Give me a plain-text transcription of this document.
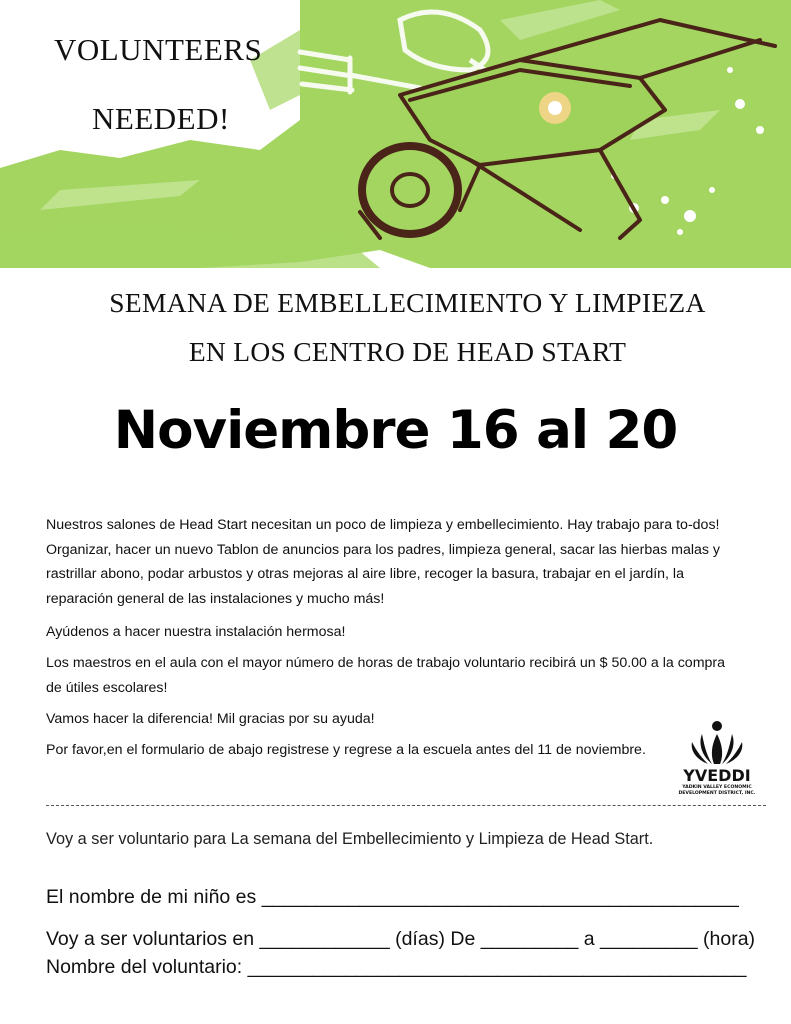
VOLUNTEERS
NEEDED!
SEMANA DE EMBELLECIMIENTO Y LIMPIEZA
EN LOS CENTRO DE HEAD START
Noviembre 16 al 20

Nuestros salones de Head Start necesitan un poco de limpieza y embellecimiento. Hay trabajo para to-dos! Organizar, hacer un nuevo Tablon de anuncios para los padres, limpieza general, sacar las hierbas malas y rastrillar abono, podar arbustos y otras mejoras al aire libre, recoger la basura, trabajar en el jardín, la reparación general de las instalaciones y mucho más!

Ayúdenos a hacer nuestra instalación hermosa!

Los maestros en el aula con el mayor número de horas de trabajo voluntario recibirá un $ 50.00 a la compra de útiles escolares!

Vamos hacer la diferencia! Mil gracias por su ayuda!

Por favor,en el formulario de abajo registrese y regrese a la escuela antes del 11 de noviembre.

YVEDDI
YADKIN VALLEY ECONOMIC DEVELOPMENT DISTRICT, INC.
Voy a ser voluntario para La semana del Embellecimiento y Limpieza de Head Start.
El nombre de mi niño es ____________________________________________
Voy a ser voluntarios en ____________ (días) De _________ a _________ (hora)
Nombre del voluntario: ______________________________________________
